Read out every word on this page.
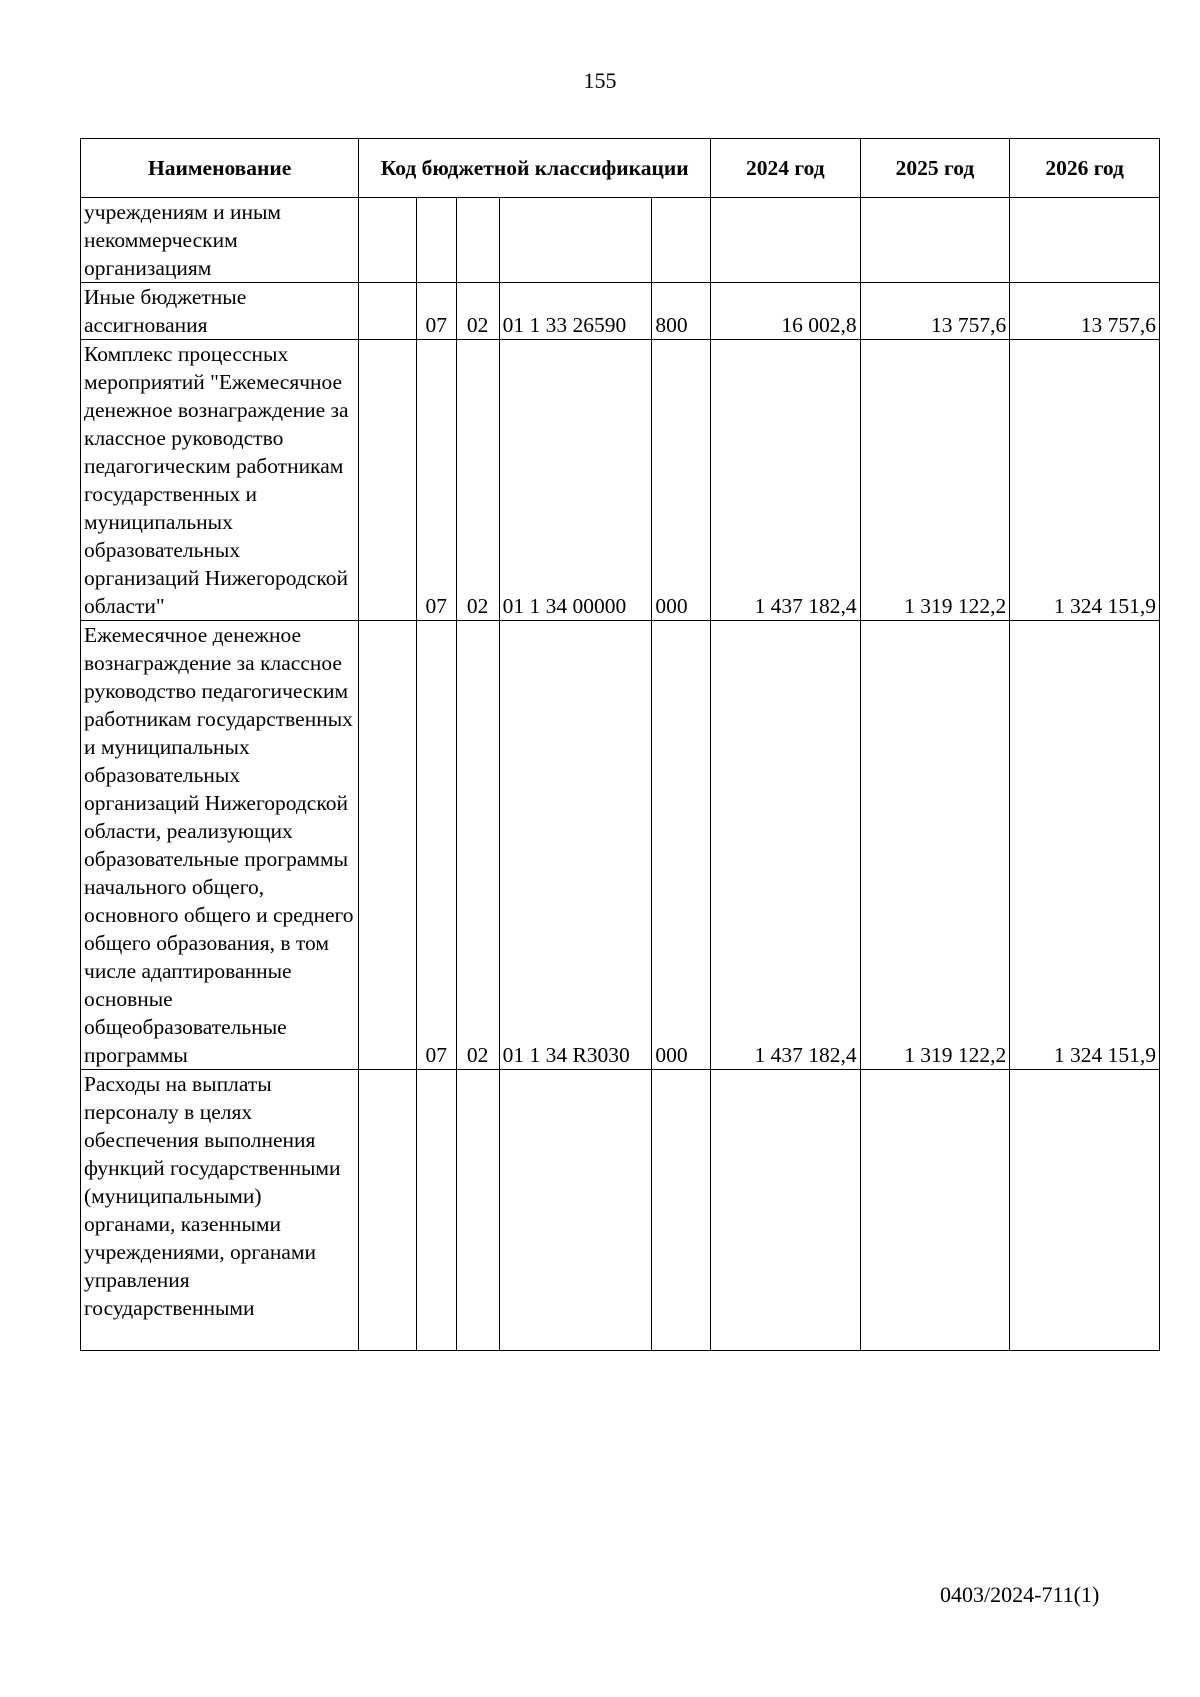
155
Наименование	Код бюджетной классификации					2024 год	2025 год	2026 год
учреждениям и иным некоммерческим организациям								
Иные бюджетные ассигнования		07	02	01 1 33 26590	800	16 002,8	13 757,6	13 757,6
Комплекс процессных мероприятий "Ежемесячное денежное вознаграждение за классное руководство педагогическим работникам государственных и муниципальных образовательных организаций Нижегородской области"		07	02	01 1 34 00000	000	1 437 182,4	1 319 122,2	1 324 151,9
Ежемесячное денежное вознаграждение за классное руководство педагогическим работникам государственных и муниципальных образовательных организаций Нижегородской области, реализующих образовательные программы начального общего, основного общего и среднего общего образования, в том числе адаптированные основные общеобразовательные программы		07	02	01 1 34 R3030	000	1 437 182,4	1 319 122,2	1 324 151,9
Расходы на выплаты персоналу в целях обеспечения выполнения функций государственными (муниципальными) органами, казенными учреждениями, органами управления государственными								
0403/2024-711(1)
